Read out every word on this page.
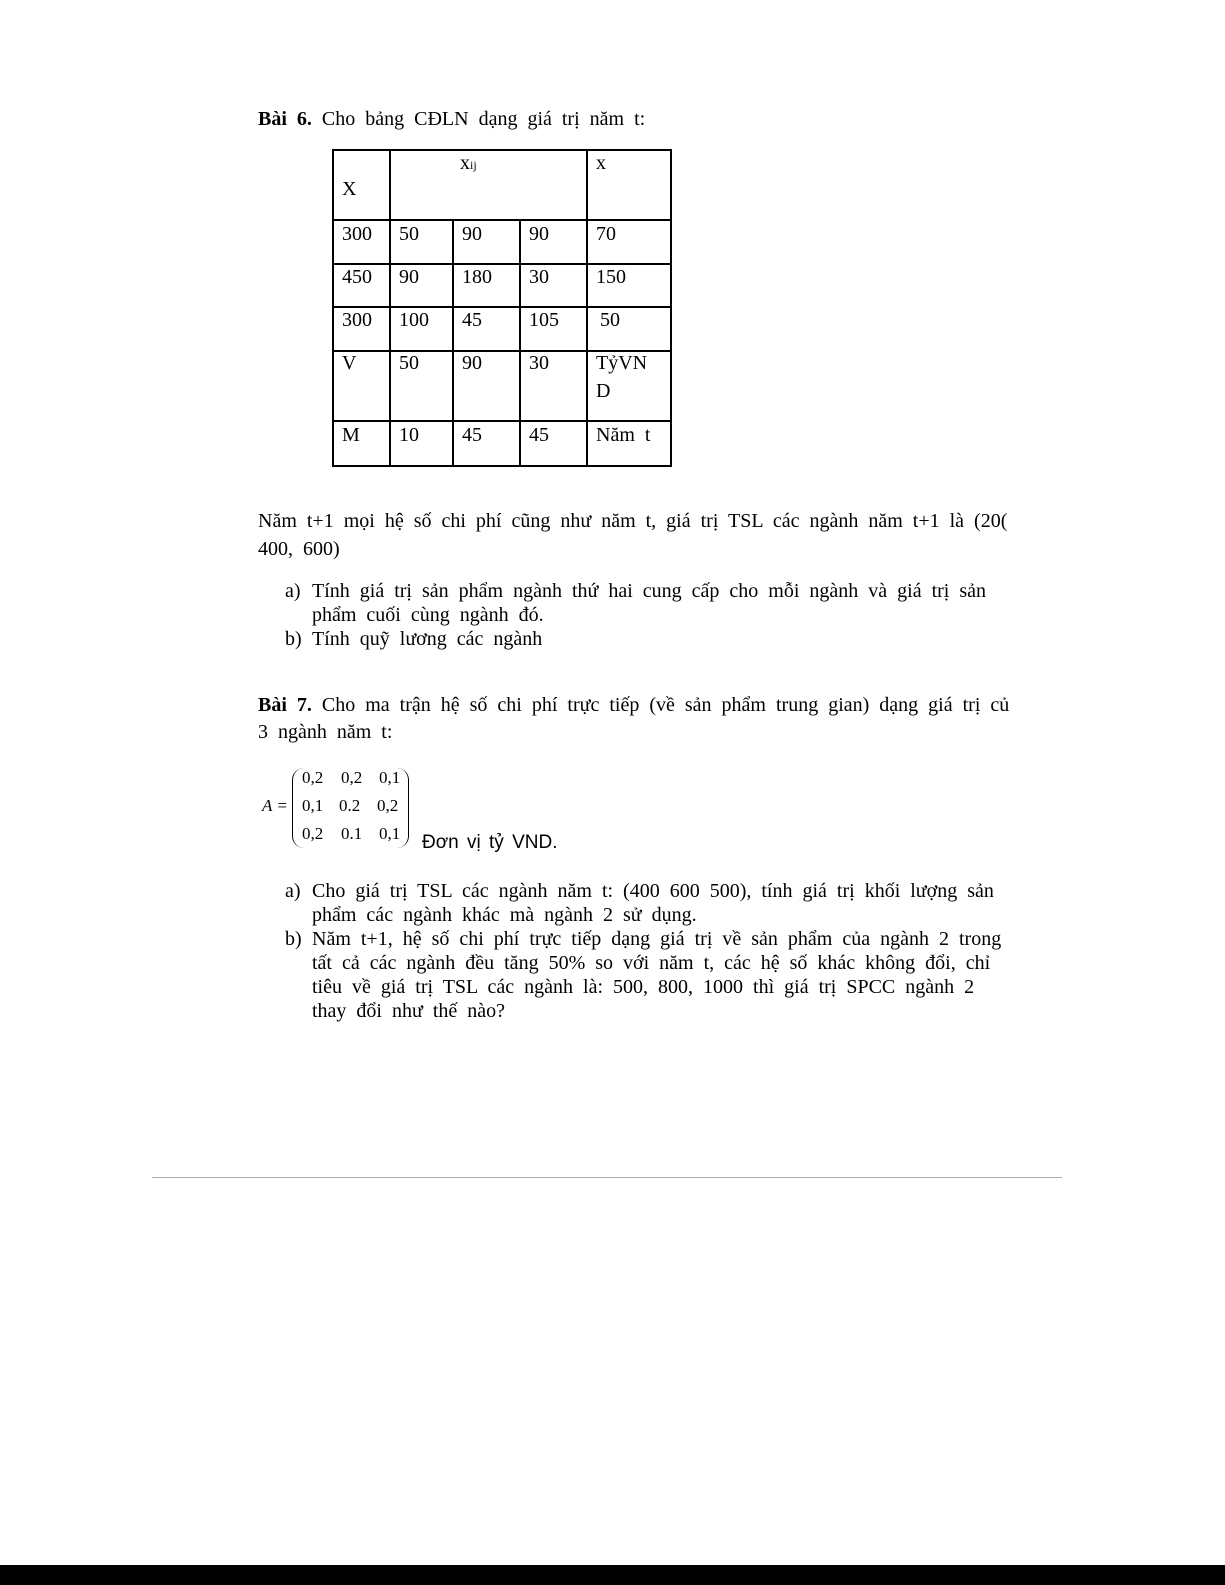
Bài 6. Cho bảng CĐLN dạng giá trị năm t:
X
xij	x
300 50 90 90 70
450 90 180 30 150
300 100 45 105 50
V 50 90 30 TỷVN
D
M 10 45 45 Năm  t
Năm t+1 mọi hệ số chi phí cũng như năm t, giá trị TSL các ngành năm t+1 là (20(
400, 600)
a) Tính giá trị sản phẩm ngành thứ hai cung cấp cho mỗi ngành và giá trị sản
phẩm cuối cùng ngành đó.
b) Tính quỹ lương các ngành
Bài 7. Cho ma trận hệ số chi phí trực tiếp (về sản phẩm trung gian) dạng giá trị củ
3 ngành năm t:
A =
0,2 0,2 0,1
0,1 0.2 0,2
0,2 0.1 0,1 Đơn vị tỷ VND.
a) Cho giá trị TSL các ngành năm t: (400 600 500), tính giá trị khối lượng sản
phẩm các ngành khác mà ngành 2 sử dụng.
b) Năm t+1, hệ số chi phí trực tiếp dạng giá trị về sản phẩm của ngành 2 trong
tất cả các ngành đều tăng 50% so với năm t, các hệ số khác không đổi, chỉ
tiêu về giá trị TSL các ngành là: 500, 800, 1000 thì giá trị SPCC ngành 2
thay đổi như thế nào?
